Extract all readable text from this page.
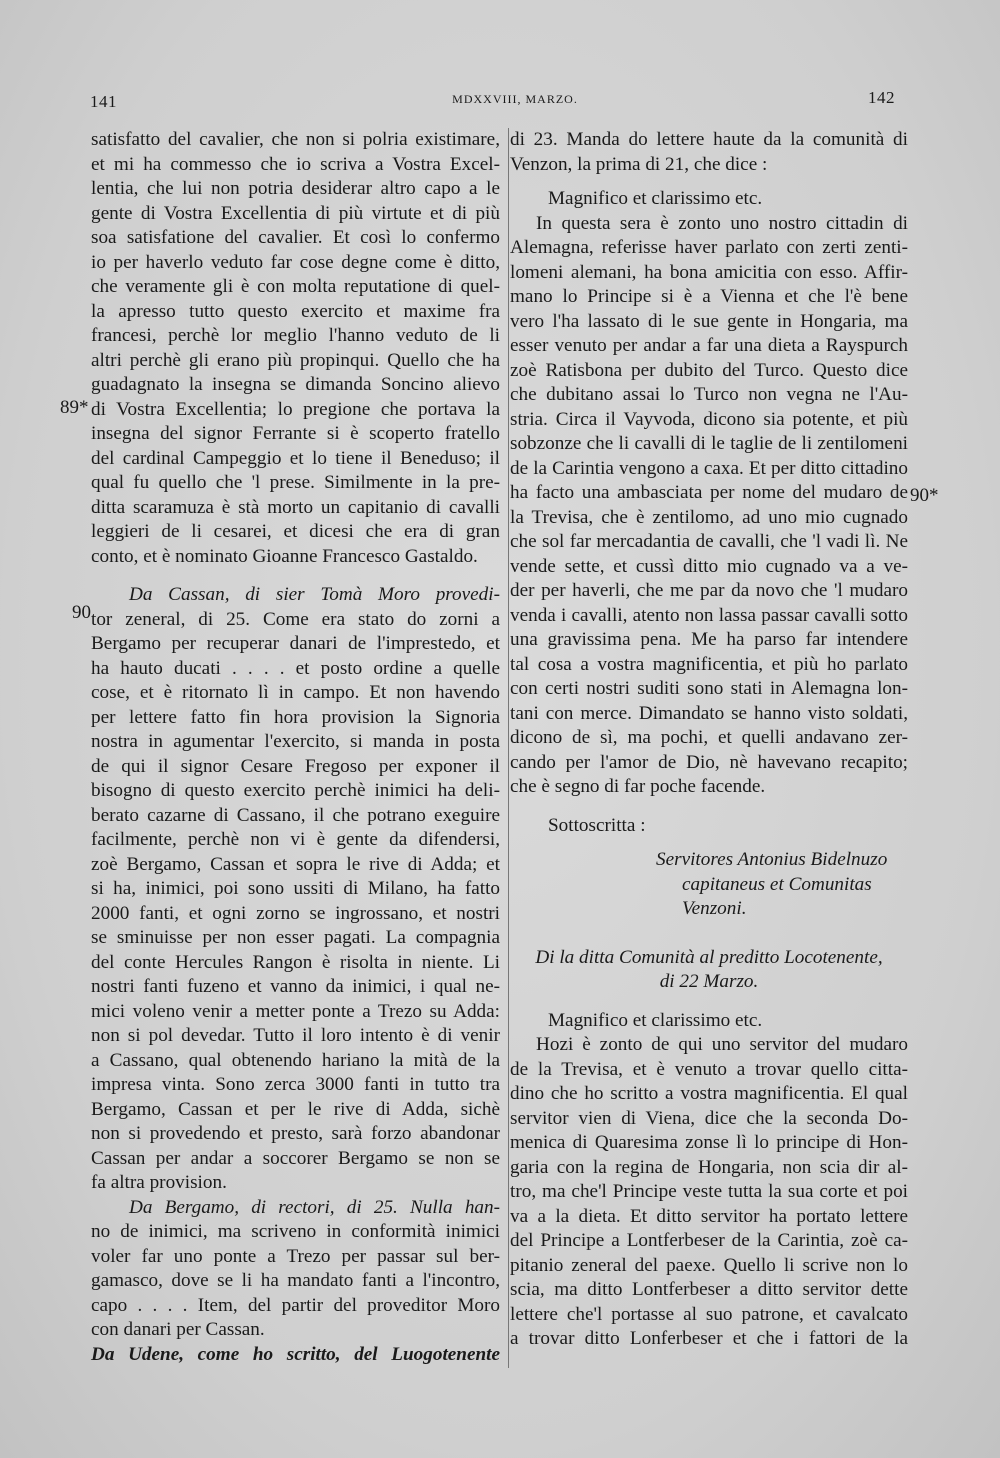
141	MDXXVIII, MARZO.	142
89*
90
90*
satisfatto del cavalier, che non si polria existimare,
et mi ha commesso che io scriva a Vostra Excel-
lentia, che lui non potria desiderar altro capo a le
gente di Vostra Excellentia di più virtute et di più
soa satisfatione del cavalier. Et così lo confermo
io per haverlo veduto far cose degne come è ditto,
che veramente gli è con molta reputatione di quel-
la apresso tutto questo exercito et maxime fra
francesi, perchè lor meglio l'hanno veduto de li
altri perchè gli erano più propinqui. Quello che ha
guadagnato la insegna se dimanda Soncino alievo
di Vostra Excellentia; lo pregione che portava la
insegna del signor Ferrante si è scoperto fratello
del cardinal Campeggio et lo tiene il Beneduso; il
qual fu quello che 'l prese. Similmente in la pre-
ditta scaramuza è stà morto un capitanio di cavalli
leggieri de li cesarei, et dicesi che era di gran
conto, et è nominato Gioanne Francesco Gastaldo.
Da Cassan, di sier Tomà Moro provedi-
tor zeneral, di 25. Come era stato do zorni a
Bergamo per recuperar danari de l'imprestedo, et
ha hauto ducati . . . . et posto ordine a quelle
cose, et è ritornato lì in campo. Et non havendo
per lettere fatto fin hora provision la Signoria
nostra in agumentar l'exercito, si manda in posta
de qui il signor Cesare Fregoso per exponer il
bisogno di questo exercito perchè inimici ha deli-
berato cazarne di Cassano, il che potrano exeguire
facilmente, perchè non vi è gente da difendersi,
zoè Bergamo, Cassan et sopra le rive di Adda; et
si ha, inimici, poi sono ussiti di Milano, ha fatto
2000 fanti, et ogni zorno se ingrossano, et nostri
se sminuisse per non esser pagati. La compagnia
del conte Hercules Rangon è risolta in niente. Li
nostri fanti fuzeno et vanno da inimici, i qual ne-
mici voleno venir a metter ponte a Trezo su Adda:
non si pol devedar. Tutto il loro intento è di venir
a Cassano, qual obtenendo hariano la mità de la
impresa vinta. Sono zerca 3000 fanti in tutto tra
Bergamo, Cassan et per le rive di Adda, sichè
non si provedendo et presto, sarà forzo abandonar
Cassan per andar a soccorer Bergamo se non se
fa altra provision.
Da Bergamo, di rectori, di 25. Nulla han-
no de inimici, ma scriveno in conformità inimici
voler far uno ponte a Trezo per passar sul ber-
gamasco, dove se li ha mandato fanti a l'incontro,
capo . . . . Item, del partir del proveditor Moro
con danari per Cassan.
Da Udene, come ho scritto, del Luogotenente
di 23. Manda do lettere haute da la comunità di
Venzon, la prima di 21, che dice :
Magnifico et clarissimo etc.
In questa sera è zonto uno nostro cittadin di
Alemagna, referisse haver parlato con zerti zenti-
lomeni alemani, ha bona amicitia con esso. Affir-
mano lo Principe si è a Vienna et che l'è bene
vero l'ha lassato di le sue gente in Hongaria, ma
esser venuto per andar a far una dieta a Rayspurch
zoè Ratisbona per dubito del Turco. Questo dice
che dubitano assai lo Turco non vegna ne l'Au-
stria. Circa il Vayvoda, dicono sia potente, et più
sobzonze che li cavalli di le taglie de li zentilomeni
de la Carintia vengono a caxa. Et per ditto cittadino
ha facto una ambasciata per nome del mudaro de
la Trevisa, che è zentilomo, ad uno mio cugnado
che sol far mercadantia de cavalli, che 'l vadi lì. Ne
vende sette, et cussì ditto mio cugnado va a ve-
der per haverli, che me par da novo che 'l mudaro
venda i cavalli, atento non lassa passar cavalli sotto
una gravissima pena. Me ha parso far intendere
tal cosa a vostra magnificentia, et più ho parlato
con certi nostri suditi sono stati in Alemagna lon-
tani con merce. Dimandato se hanno visto soldati,
dicono de sì, ma pochi, et quelli andavano zer-
cando per l'amor de Dio, nè havevano recapito;
che è segno di far poche facende.
Sottoscritta :
Servitores Antonius Bidelnuzo
capitaneus et Comunitas
Venzoni.
Di la ditta Comunità al preditto Locotenente,
di 22 Marzo.
Magnifico et clarissimo etc.
Hozi è zonto de qui uno servitor del mudaro
de la Trevisa, et è venuto a trovar quello citta-
dino che ho scritto a vostra magnificentia. El qual
servitor vien di Viena, dice che la seconda Do-
menica di Quaresima zonse lì lo principe di Hon-
garia con la regina de Hongaria, non scia dir al-
tro, ma che'l Principe veste tutta la sua corte et poi
va a la dieta. Et ditto servitor ha portato lettere
del Principe a Lontferbeser de la Carintia, zoè ca-
pitanio zeneral del paexe. Quello li scrive non lo
scia, ma ditto Lontferbeser a ditto servitor dette
lettere che'l portasse al suo patrone, et cavalcato
a trovar ditto Lonferbeser et che i fattori de la
